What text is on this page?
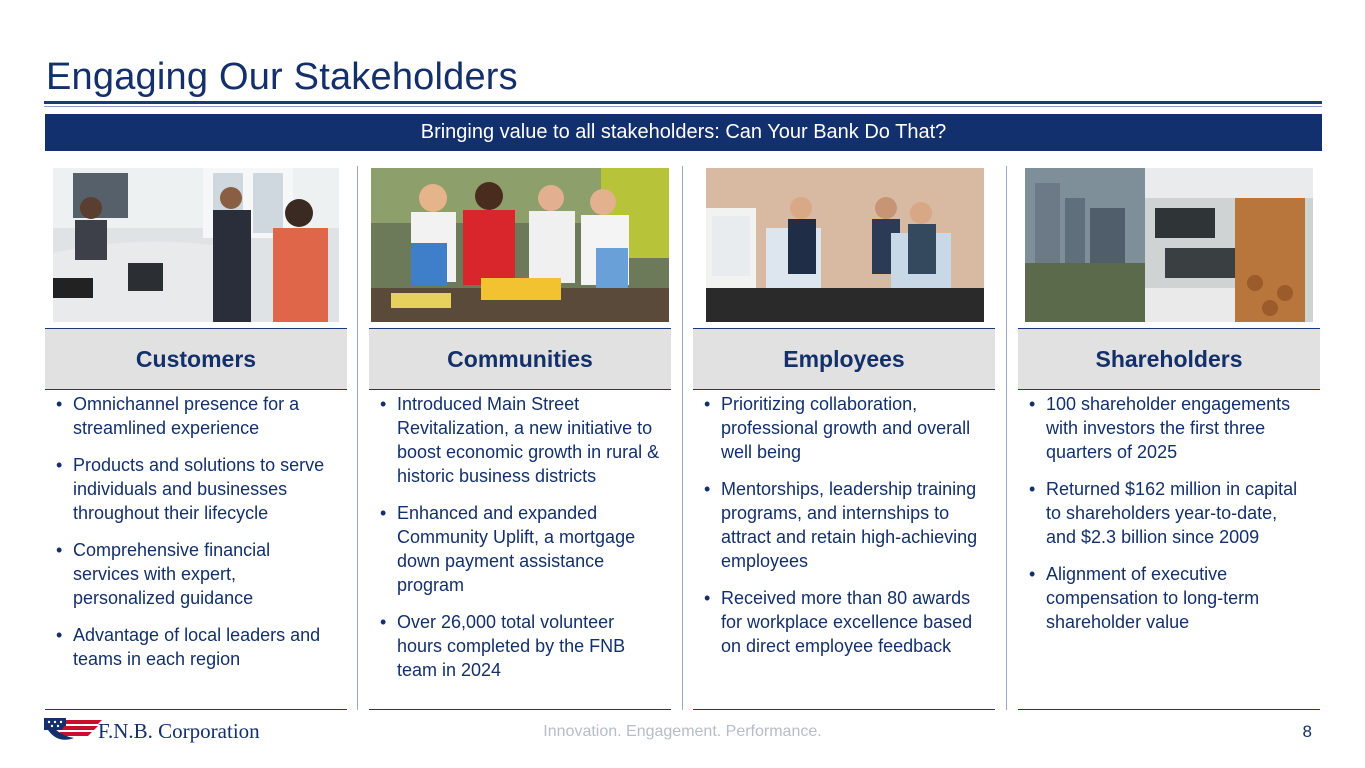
Engaging Our Stakeholders
Bringing value to all stakeholders: Can Your Bank Do That?
Customers
• Omnichannel presence for a streamlined experience
• Products and solutions to serve individuals and businesses throughout their lifecycle
• Comprehensive financial services with expert, personalized guidance
• Advantage of local leaders and teams in each region
Communities
• Introduced Main Street Revitalization, a new initiative to boost economic growth in rural & historic business districts
• Enhanced and expanded Community Uplift, a mortgage down payment assistance program
• Over 26,000 total volunteer hours completed by the FNB team in 2024
Employees
• Prioritizing collaboration, professional growth and overall well being
• Mentorships, leadership training programs, and internships to attract and retain high-achieving employees
• Received more than 80 awards for workplace excellence based on direct employee feedback
Shareholders
• 100 shareholder engagements with investors the first three quarters of 2025
• Returned $162 million in capital to shareholders year-to-date, and $2.3 billion since 2009
• Alignment of executive compensation to long-term shareholder value
F.N.B. Corporation	Innovation. Engagement. Performance.	8
